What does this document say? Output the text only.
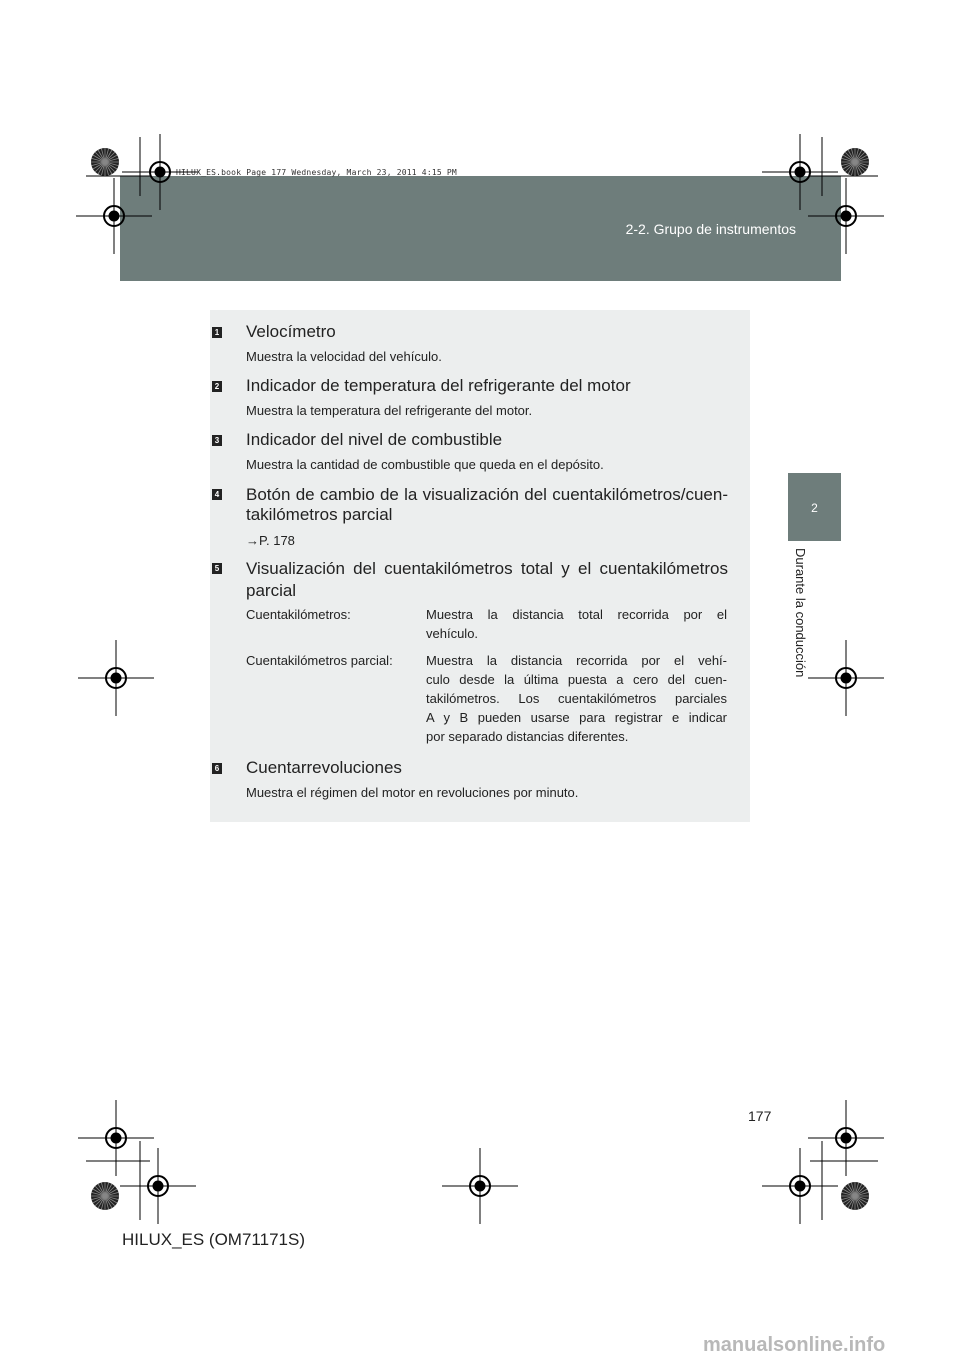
2-2. Grupo de instrumentos
HILUX_ES.book Page 177 Wednesday, March 23, 2011 4:15 PM
2
Durante la conducción
1 Velocímetro
Muestra la velocidad del vehículo.
2 Indicador de temperatura del refrigerante del motor
Muestra la temperatura del refrigerante del motor.
3 Indicador del nivel de combustible
Muestra la cantidad de combustible que queda en el depósito.
4 Botón de cambio de la visualización del cuentakilómetros/cuen-
takilómetros parcial
→P. 178
5 Visualización del cuentakilómetros total y el cuentakilómetros
parcial
Cuentakilómetros:	Muestra la distancia total recorrida por el
vehículo.
Cuentakilómetros parcial:	Muestra la distancia recorrida por el vehí-
culo desde la última puesta a cero del cuen-
takilómetros. Los cuentakilómetros parciales
A y B pueden usarse para registrar e indicar
por separado distancias diferentes.
6 Cuentarrevoluciones
Muestra el régimen del motor en revoluciones por minuto.
177
HILUX_ES (OM71171S)
manualsonline.info
